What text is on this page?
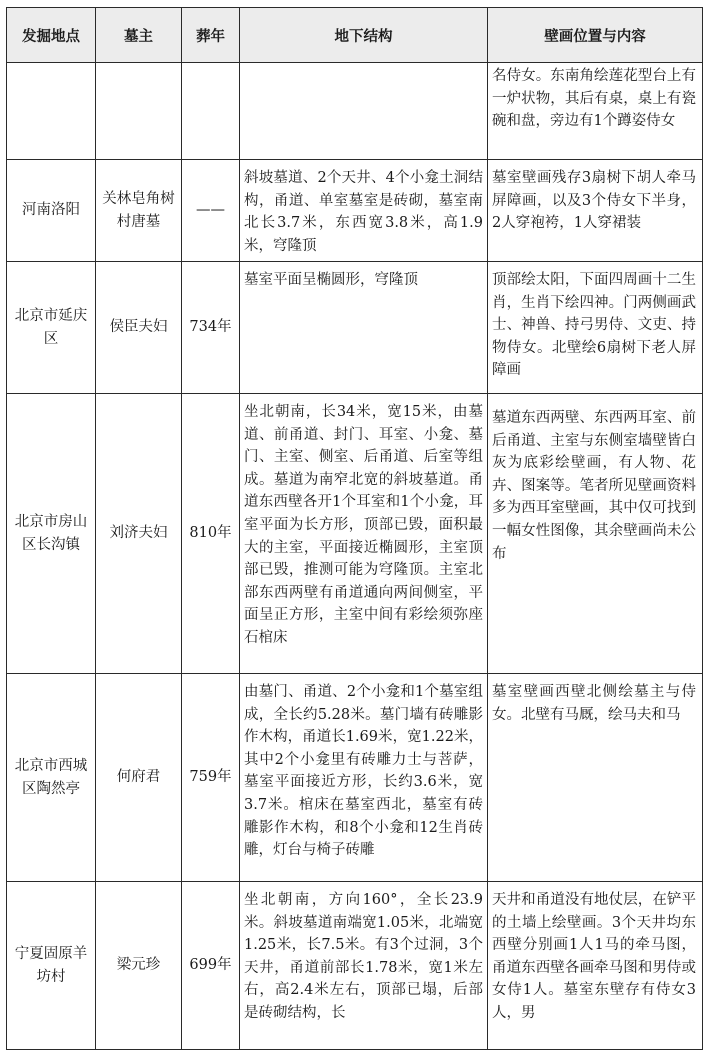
发掘地点	墓主	葬年	地下结构	壁画位置与内容
				名侍女。东南角绘莲花型台上有一炉状物，其后有桌，桌上有瓷碗和盘，旁边有1个蹲姿侍女
河南洛阳	关林皂角树村唐墓	——	斜坡墓道、2个天井、4个小龛土洞结构，甬道、单室墓室是砖砌，墓室南北长3.7米，东西宽3.8米，高1.9米，穹隆顶	墓室壁画残存3扇树下胡人牵马屏障画，以及3个侍女下半身，2人穿袍袴，1人穿裙装
北京市延庆区	侯臣夫妇	734年	墓室平面呈椭圆形，穹隆顶	顶部绘太阳，下面四周画十二生肖，生肖下绘四神。门两侧画武士、神兽、持弓男侍、文吏、持物侍女。北壁绘6扇树下老人屏障画
北京市房山区长沟镇	刘济夫妇	810年	坐北朝南，长34米，宽15米，由墓道、前甬道、封门、耳室、小龛、墓门、主室、侧室、后甬道、后室等组成。墓道为南窄北宽的斜坡墓道。甬道东西壁各开1个耳室和1个小龛，耳室平面为长方形，顶部已毁，面积最大的主室，平面接近椭圆形，主室顶部已毁，推测可能为穹隆顶。主室北部东西两壁有甬道通向两间侧室，平面呈正方形，主室中间有彩绘须弥座石棺床	墓道东西两壁、东西两耳室、前后甬道、主室与东侧室墙壁皆白灰为底彩绘壁画，有人物、花卉、图案等。笔者所见壁画资料多为西耳室壁画，其中仅可找到一幅女性图像，其余壁画尚未公布
北京市西城区陶然亭	何府君	759年	由墓门、甬道、2个小龛和1个墓室组成，全长约5.28米。墓门墙有砖雕影作木构，甬道长1.69米，宽1.22米，其中2个小龛里有砖雕力士与菩萨，墓室平面接近方形，长约3.6米，宽3.7米。棺床在墓室西北，墓室有砖雕影作木构，和8个小龛和12生肖砖雕，灯台与椅子砖雕	墓室壁画西壁北侧绘墓主与侍女。北壁有马厩，绘马夫和马
宁夏固原羊坊村	梁元珍	699年	坐北朝南，方向160°，全长23.9米。斜坡墓道南端宽1.05米，北端宽1.25米，长7.5米。有3个过洞，3个天井，甬道前部长1.78米，宽1米左右，高2.4米左右，顶部已塌，后部是砖砌结构，长	天井和甬道没有地仗层，在铲平的土墙上绘壁画。3个天井均东西壁分别画1人1马的牵马图，甬道东西壁各画牵马图和男侍或女侍1人。墓室东壁存有侍女3人，男
